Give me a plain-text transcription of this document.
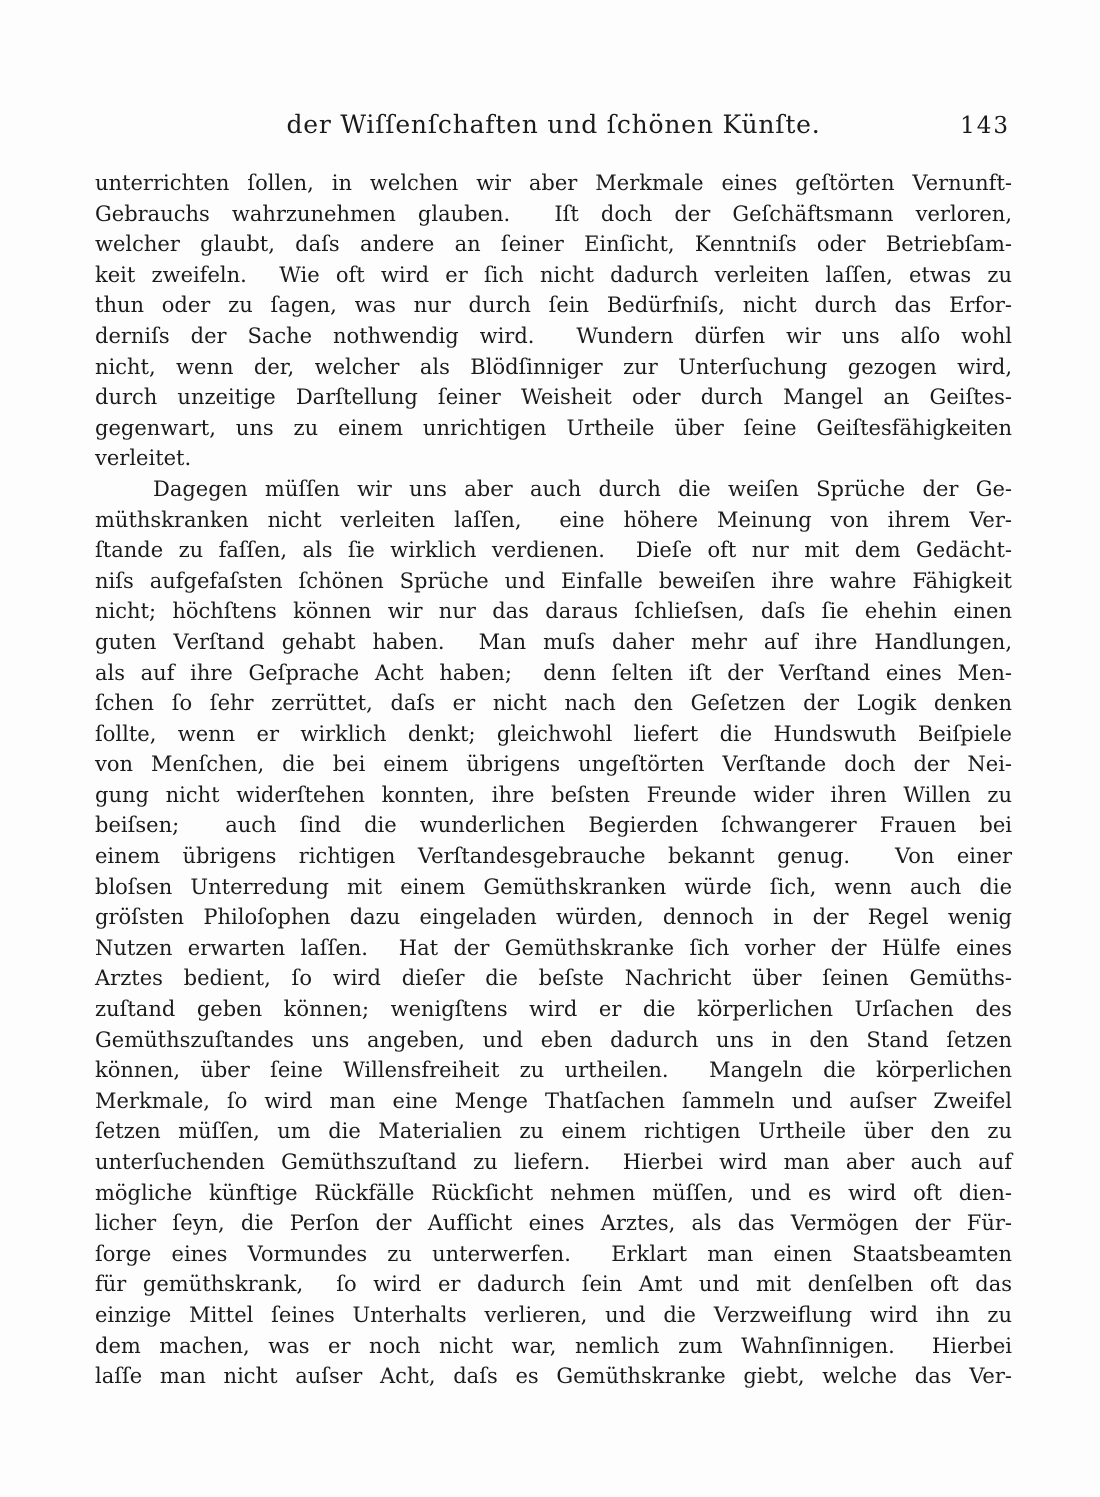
der Wiſſenſchaften und ſchönen Künſte.	143
unterrichten ſollen, in welchen wir aber Merkmale eines geſtörten Vernunft-
Gebrauchs wahrzunehmen glauben.  Iſt doch der Geſchäftsmann verloren,
welcher glaubt, daſs andere an ſeiner Einſicht, Kenntniſs oder Betriebſam-
keit zweifeln.  Wie oft wird er ſich nicht dadurch verleiten laſſen, etwas zu
thun oder zu ſagen, was nur durch ſein Bedürfniſs, nicht durch das Erfor-
derniſs der Sache nothwendig wird.  Wundern dürfen wir uns alſo wohl
nicht, wenn der, welcher als Blödſinniger zur Unterſuchung gezogen wird,
durch unzeitige Darſtellung ſeiner Weisheit oder durch Mangel an Geiſtes-
gegenwart, uns zu einem unrichtigen Urtheile über ſeine Geiſtesfähigkeiten
verleitet.
Dagegen müſſen wir uns aber auch durch die weiſen Sprüche der Ge-
müthskranken nicht verleiten laſſen,  eine höhere Meinung von ihrem Ver-
ſtande zu faſſen, als ſie wirklich verdienen.  Dieſe oft nur mit dem Gedächt-
niſs aufgefaſsten ſchönen Sprüche und Einfalle beweiſen ihre wahre Fähigkeit
nicht; höchſtens können wir nur das daraus ſchlieſsen, daſs ſie ehehin einen
guten Verſtand gehabt haben.  Man muſs daher mehr auf ihre Handlungen,
als auf ihre Geſprache Acht haben;  denn ſelten iſt der Verſtand eines Men-
ſchen ſo ſehr zerrüttet, daſs er nicht nach den Geſetzen der Logik denken
ſollte, wenn er wirklich denkt; gleichwohl liefert die Hundswuth Beiſpiele
von Menſchen, die bei einem übrigens ungeſtörten Verſtande doch der Nei-
gung nicht widerſtehen konnten, ihre beſsten Freunde wider ihren Willen zu
beiſsen;  auch ſind die wunderlichen Begierden ſchwangerer Frauen bei
einem übrigens richtigen Verſtandesgebrauche bekannt genug.  Von einer
bloſsen Unterredung mit einem Gemüthskranken würde ſich, wenn auch die
gröſsten Philoſophen dazu eingeladen würden, dennoch in der Regel wenig
Nutzen erwarten laſſen.  Hat der Gemüthskranke ſich vorher der Hülfe eines
Arztes bedient, ſo wird dieſer die beſste Nachricht über ſeinen Gemüths-
zuſtand geben können; wenigſtens wird er die körperlichen Urſachen des
Gemüthszuſtandes uns angeben, und eben dadurch uns in den Stand ſetzen
können, über ſeine Willensfreiheit zu urtheilen.  Mangeln die körperlichen
Merkmale, ſo wird man eine Menge Thatſachen ſammeln und auſser Zweifel
ſetzen müſſen, um die Materialien zu einem richtigen Urtheile über den zu
unterſuchenden Gemüthszuſtand zu liefern.  Hierbei wird man aber auch auf
mögliche künftige Rückfälle Rückſicht nehmen müſſen, und es wird oft dien-
licher ſeyn, die Perſon der Aufſicht eines Arztes, als das Vermögen der Für-
ſorge eines Vormundes zu unterwerfen.  Erklart man einen Staatsbeamten
für gemüthskrank,  ſo wird er dadurch ſein Amt und mit denſelben oft das
einzige Mittel ſeines Unterhalts verlieren, und die Verzweiflung wird ihn zu
dem machen, was er noch nicht war, nemlich zum Wahnſinnigen.  Hierbei
laſſe man nicht auſser Acht, daſs es Gemüthskranke giebt, welche das Ver-
